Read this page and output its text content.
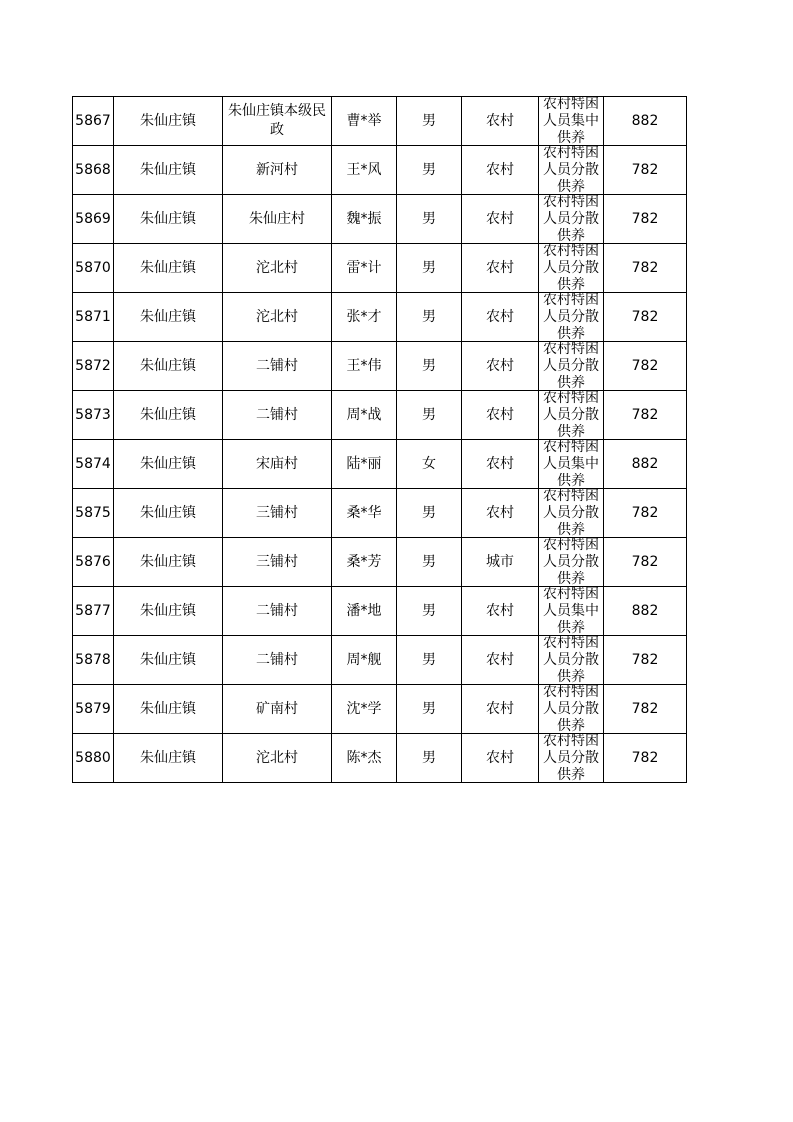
5867	朱仙庄镇	朱仙庄镇本级民政	曹*举	男	农村	农村特困人员集中供养	882
5868	朱仙庄镇	新河村	王*风	男	农村	农村特困人员分散供养	782
5869	朱仙庄镇	朱仙庄村	魏*振	男	农村	农村特困人员分散供养	782
5870	朱仙庄镇	沱北村	雷*计	男	农村	农村特困人员分散供养	782
5871	朱仙庄镇	沱北村	张*才	男	农村	农村特困人员分散供养	782
5872	朱仙庄镇	二铺村	王*伟	男	农村	农村特困人员分散供养	782
5873	朱仙庄镇	二铺村	周*战	男	农村	农村特困人员分散供养	782
5874	朱仙庄镇	宋庙村	陆*丽	女	农村	农村特困人员集中供养	882
5875	朱仙庄镇	三铺村	桑*华	男	农村	农村特困人员分散供养	782
5876	朱仙庄镇	三铺村	桑*芳	男	城市	农村特困人员分散供养	782
5877	朱仙庄镇	二铺村	潘*地	男	农村	农村特困人员集中供养	882
5878	朱仙庄镇	二铺村	周*舰	男	农村	农村特困人员分散供养	782
5879	朱仙庄镇	矿南村	沈*学	男	农村	农村特困人员分散供养	782
5880	朱仙庄镇	沱北村	陈*杰	男	农村	农村特困人员分散供养	782
